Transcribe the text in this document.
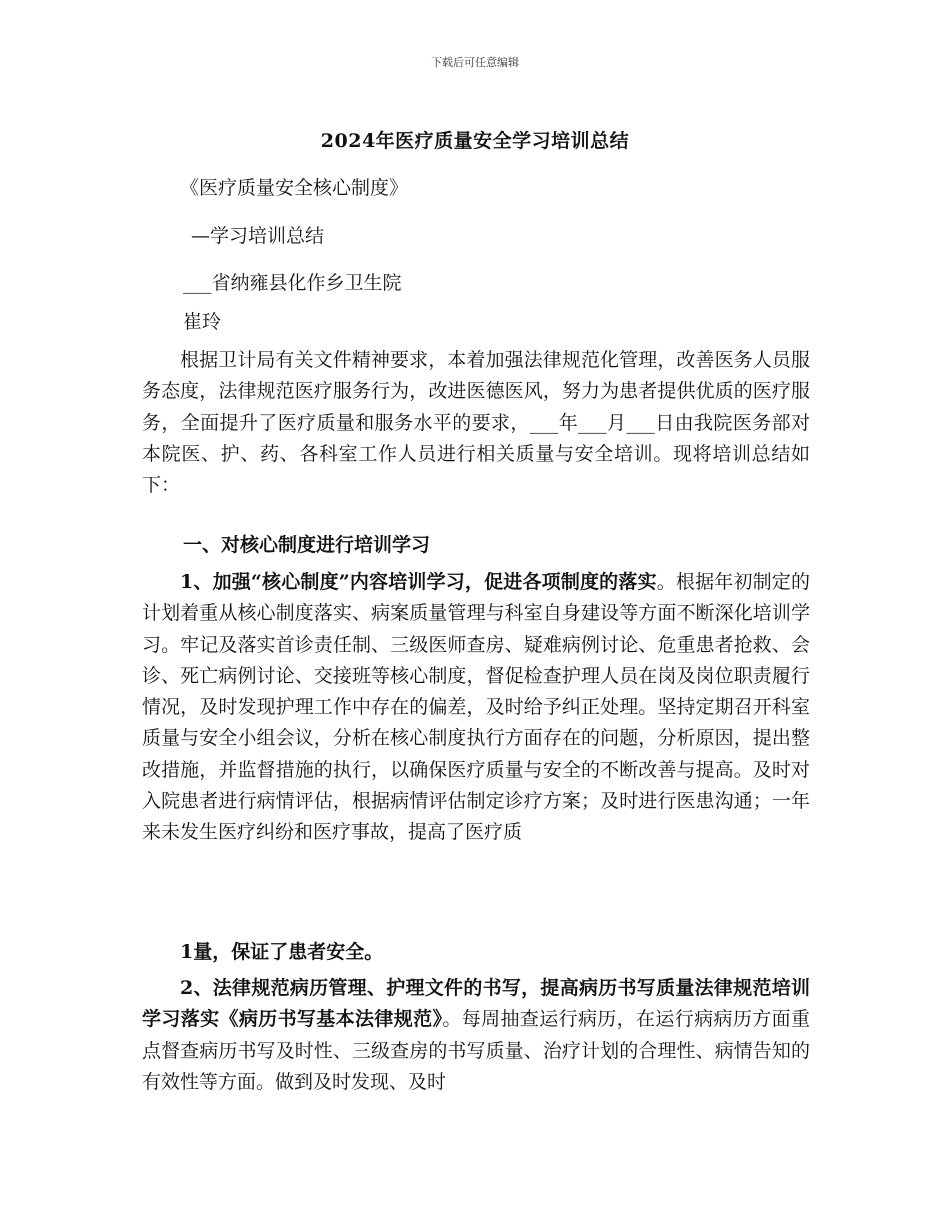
下载后可任意编辑
2024年医疗质量安全学习培训总结
《医疗质量安全核心制度》
—学习培训总结
___省纳雍县化作乡卫生院
崔玲
根据卫计局有关文件精神要求，本着加强法律规范化管理，改善医务人员服务态度，法律规范医疗服务行为，改进医德医风，努力为患者提供优质的医疗服务，全面提升了医疗质量和服务水平的要求，___年___月___日由我院医务部对本院医、护、药、各科室工作人员进行相关质量与安全培训。现将培训总结如下：
一、对核心制度进行培训学习
1、加强“核心制度”内容培训学习，促进各项制度的落实。根据年初制定的计划着重从核心制度落实、病案质量管理与科室自身建设等方面不断深化培训学习。牢记及落实首诊责任制、三级医师查房、疑难病例讨论、危重患者抢救、会诊、死亡病例讨论、交接班等核心制度，督促检查护理人员在岗及岗位职责履行情况，及时发现护理工作中存在的偏差，及时给予纠正处理。坚持定期召开科室质量与安全小组会议，分析在核心制度执行方面存在的问题，分析原因，提出整改措施，并监督措施的执行，以确保医疗质量与安全的不断改善与提高。及时对入院患者进行病情评估，根据病情评估制定诊疗方案；及时进行医患沟通；一年来未发生医疗纠纷和医疗事故，提高了医疗质
1量，保证了患者安全。
2、法律规范病历管理、护理文件的书写，提高病历书写质量法律规范培训学习落实《病历书写基本法律规范》。每周抽查运行病历，在运行病病历方面重点督查病历书写及时性、三级查房的书写质量、治疗计划的合理性、病情告知的有效性等方面。做到及时发现、及时
